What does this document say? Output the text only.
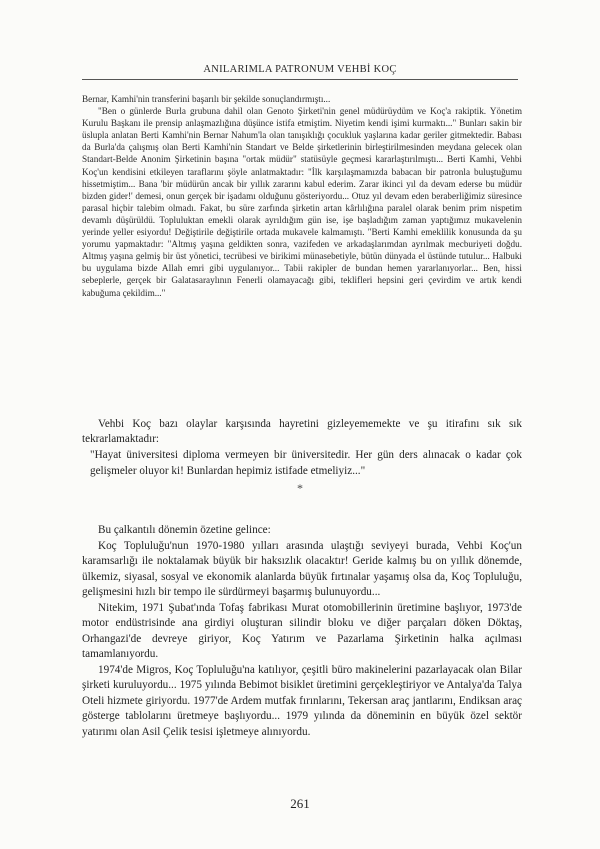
ANILARIMLA PATRONUM VEHBİ KOÇ

Bernar, Kamhi'nin transferini başarılı bir şekilde sonuçlandırmıştı...

"Ben o günlerde Burla grubuna dahil olan Genoto Şirketi'nin genel müdürüydüm ve Koç'a rakiptik. Yönetim Kurulu Başkanı ile prensip anlaşmazlığına düşünce istifa etmiştim. Niyetim kendi işimi kurmaktı..." Bunları sakin bir üslupla anlatan Berti Kamhi'nin Bernar Nahum'la olan tanışıklığı çocukluk yaşlarına kadar geriler gitmektedir. Babası da Burla'da çalışmış olan Berti Kamhi'nin Standart ve Belde şirketlerinin birleştirilmesinden meydana gelecek olan Standart-Belde Anonim Şirketinin başına "ortak müdür" statüsüyle geçmesi kararlaştırılmıştı... Berti Kamhi, Vehbi Koç'un kendisini etkileyen taraflarını şöyle anlatmaktadır: "İlk karşılaşmamızda babacan bir patronla buluştuğumu hissetmiştim... Bana 'bir müdürün ancak bir yıllık zararını kabul ederim. Zarar ikinci yıl da devam ederse bu müdür bizden gider!' demesi, onun gerçek bir işadamı olduğunu gösteriyordu... Otuz yıl devam eden beraberliğimiz süresince parasal hiçbir talebim olmadı. Fakat, bu süre zarfında şirketin artan kârlılığına paralel olarak benim prim nispetim devamlı düşürüldü. Topluluktan emekli olarak ayrıldığım gün ise, işe başladığım zaman yaptığımız mukavelenin yerinde yeller esiyordu! Değiştirile değiştirile ortada mukavele kalmamıştı. "Berti Kamhi emeklilik konusunda da şu yorumu yapmaktadır: "Altmış yaşına geldikten sonra, vazifeden ve arkadaşlarımdan ayrılmak mecburiyeti doğdu. Altmış yaşına gelmiş bir üst yönetici, tecrübesi ve birikimi münasebetiyle, bütün dünyada el üstünde tutulur... Halbuki bu uygulama bizde Allah emri gibi uygulanıyor... Tabii rakipler de bundan hemen yararlanıyorlar... Ben, hissi sebeplerle, gerçek bir Galatasaraylının Fenerli olamayacağı gibi, teklifleri hepsini geri çevirdim ve artık kendi kabuğuma çekildim..."

Vehbi Koç bazı olaylar karşısında hayretini gizleyememekte ve şu itirafını sık sık tekrarlamaktadır:

"Hayat üniversitesi diploma vermeyen bir üniversitedir. Her gün ders alınacak o kadar çok gelişmeler oluyor ki! Bunlardan hepimiz istifade etmeliyiz..."

*

Bu çalkantılı dönemin özetine gelince:

Koç Topluluğu'nun 1970-1980 yılları arasında ulaştığı seviyeyi burada, Vehbi Koç'un karamsarlığı ile noktalamak büyük bir haksızlık olacaktır! Geride kalmış bu on yıllık dönemde, ülkemiz, siyasal, sosyal ve ekonomik alanlarda büyük fırtınalar yaşamış olsa da, Koç Topluluğu, gelişmesini hızlı bir tempo ile sürdürmeyi başarmış bulunuyordu...

Nitekim, 1971 Şubat'ında Tofaş fabrikası Murat otomobillerinin üretimine başlıyor, 1973'de motor endüstrisinde ana girdiyi oluşturan silindir bloku ve diğer parçaları döken Döktaş, Orhangazi'de devreye giriyor, Koç Yatırım ve Pazarlama Şirketinin halka açılması tamamlanıyordu.

1974'de Migros, Koç Topluluğu'na katılıyor, çeşitli büro makinelerini pazarlayacak olan Bilar şirketi kuruluyordu... 1975 yılında Bebimot bisiklet üretimini gerçekleştiriyor ve Antalya'da Talya Oteli hizmete giriyordu. 1977'de Ardem mutfak fırınlarını, Tekersan araç jantlarını, Endiksan araç gösterge tablolarını üretmeye başlıyordu... 1979 yılında da döneminin en büyük özel sektör yatırımı olan Asil Çelik tesisi işletmeye alınıyordu.

261
